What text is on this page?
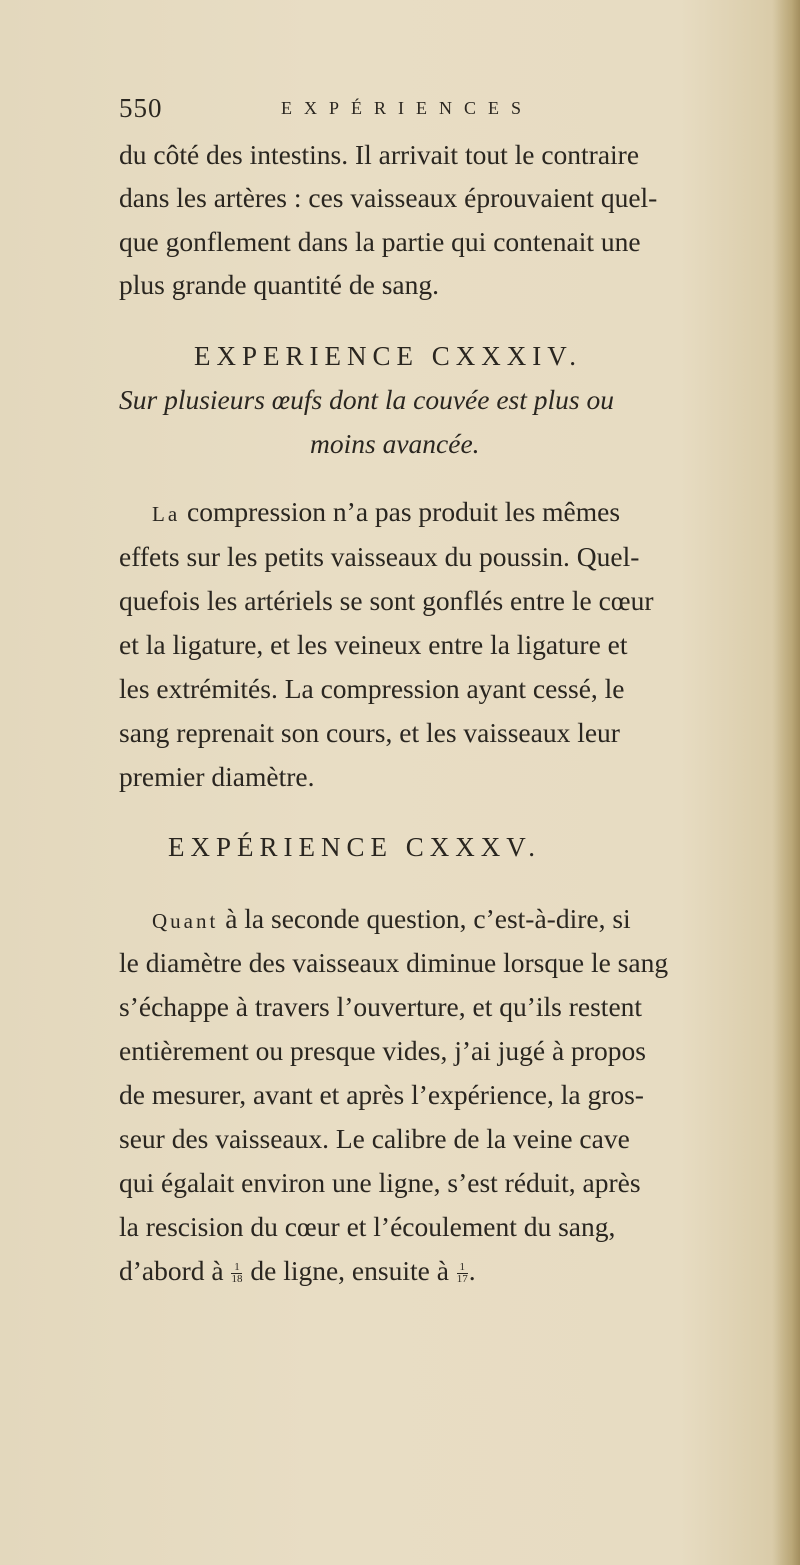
550	EXPÉRIENCES
du côté des intestins. Il arrivait tout le contraire
dans les artères : ces vaisseaux éprouvaient quel-
que gonflement dans la partie qui contenait une
plus grande quantité de sang.
EXPERIENCE CXXXIV.
Sur plusieurs œufs dont la couvée est plus ou
moins avancée.
La compression n’a pas produit les mêmes
effets sur les petits vaisseaux du poussin. Quel-
quefois les artériels se sont gonflés entre le cœur
et la ligature, et les veineux entre la ligature et
les extrémités. La compression ayant cessé, le
sang reprenait son cours, et les vaisseaux leur
premier diamètre.
EXPÉRIENCE CXXXV.
Quant à la seconde question, c’est-à-dire, si
le diamètre des vaisseaux diminue lorsque le sang
s’échappe à travers l’ouverture, et qu’ils restent
entièrement ou presque vides, j’ai jugé à propos
de mesurer, avant et après l’expérience, la gros-
seur des vaisseaux. Le calibre de la veine cave
qui égalait environ une ligne, s’est réduit, après
la rescision du cœur et l’écoulement du sang,
d’abord à $\frac{1}{18}$ de ligne, ensuite à $\frac{1}{17}$ .
